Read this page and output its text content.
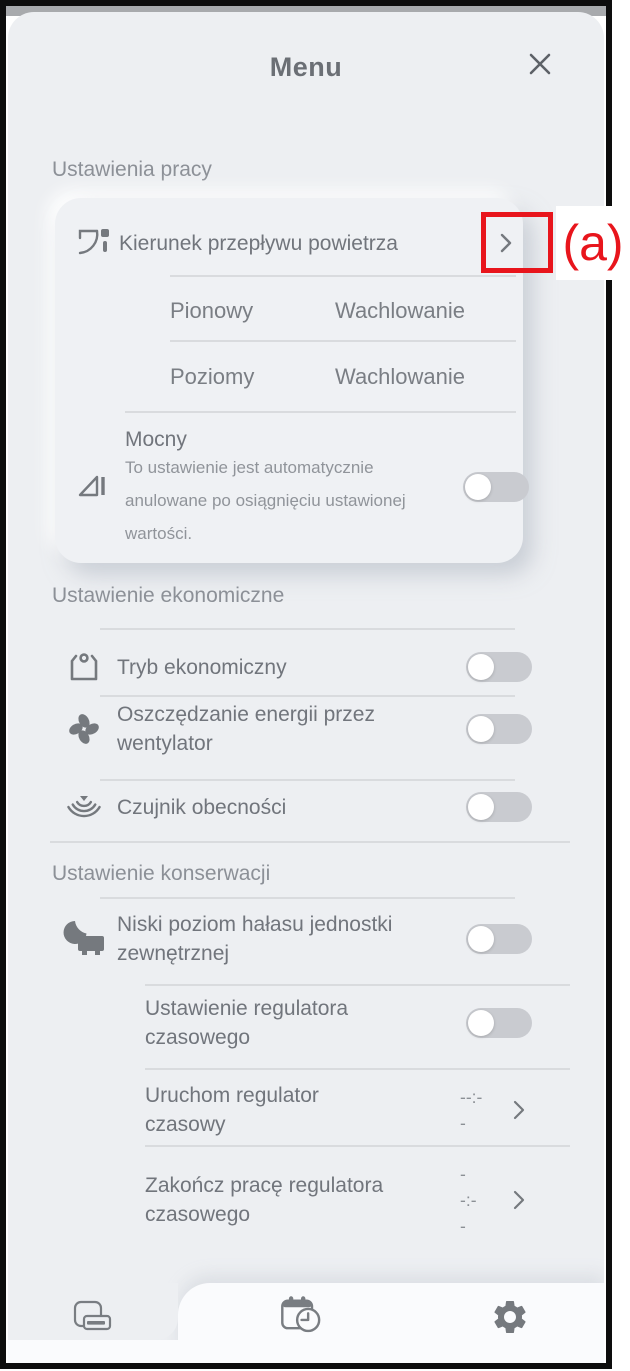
Menu
Ustawienia pracy
Kierunek przepływu powietrza
Pionowy	Wachlowanie
Poziomy	Wachlowanie
Mocny
To ustawienie jest automatycznie anulowane po osiągnięciu ustawionej wartości.
Ustawienie ekonomiczne
Tryb ekonomiczny
Oszczędzanie energii przez wentylator
Czujnik obecności
Ustawienie konserwacji
Niski poziom hałasu jednostki zewnętrznej
Ustawienie regulatora czasowego
Uruchom regulator czasowy
--:-
-
Zakończ pracę regulatora czasowego
-
-:-
-
(a)
